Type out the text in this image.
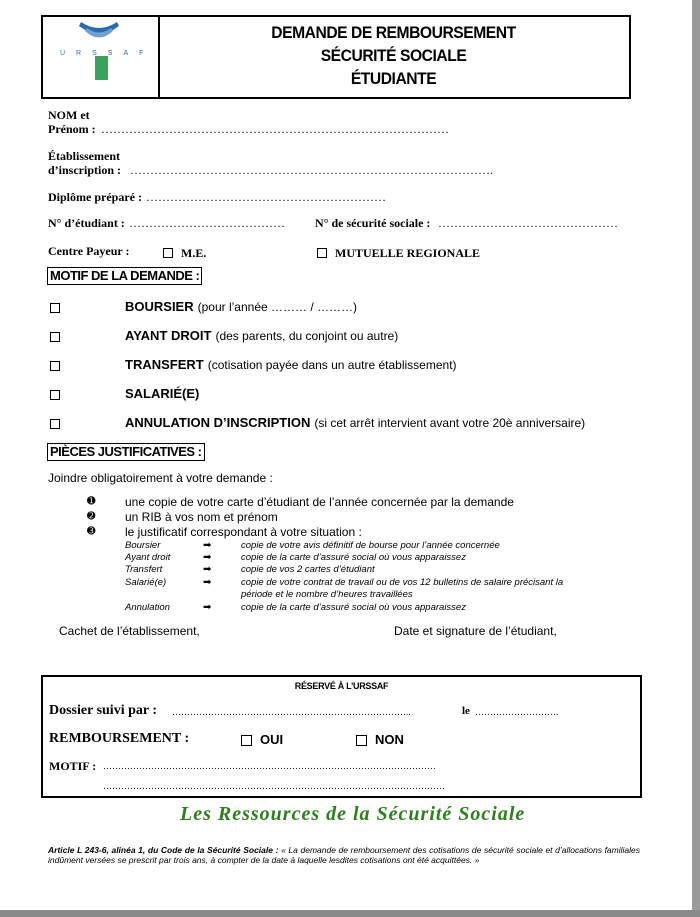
URSSAF
DEMANDE DE REMBOURSEMENT
SÉCURITÉ SOCIALE
ÉTUDIANTE
NOM et
Prénom : ……………………………………………………………………………
Établissement
d’inscription : ……………………………………………………………………………….
Diplôme préparé : ……………………………………………………
N° d’étudiant : …………………………………	N° de sécurité sociale : ………………………………………
Centre Payeur :	M.E.	MUTUELLE REGIONALE
MOTIF DE LA DEMANDE :
BOURSIER (pour l’année ……… / ………)
AYANT DROIT (des parents, du conjoint ou autre)
TRANSFERT (cotisation payée dans un autre établissement)
SALARIÉ(E)
ANNULATION D’INSCRIPTION (si cet arrêt intervient avant votre 20è anniversaire)
PIÈCES JUSTIFICATIVES :
Joindre obligatoirement à votre demande :
➊ une copie de votre carte d’étudiant de l’année concernée par la demande
➋ un RIB à vos nom et prénom
➌ le justificatif correspondant à votre situation :
Boursier	➡	copie de votre avis définitif de bourse pour l’année concernée
Ayant droit	➡	copie de la carte d’assuré social où vous apparaissez
Transfert	➡	copie de vos 2 cartes d’étudiant
Salarié(e)	➡	copie de votre contrat de travail ou de vos 12 bulletins de salaire précisant la
période et le nombre d’heures travaillées
Annulation	➡	copie de la carte d’assuré social où vous apparaissez
Cachet de l’établissement,	Date et signature de l’étudiant,
RÉSERVÉ À L’URSSAF
Dossier suivi par : ……………………………………………………………………..	le ……………………….
REMBOURSEMENT :	OUI	NON
MOTIF : …………………………………………………………………………………………………
……………………………………………………………………………………………………
Les Ressources de la Sécurité Sociale
Article L 243-6, alinéa 1, du Code de la Sécurité Sociale : « La demande de remboursement des cotisations de sécurité sociale et d’allocations familiales indûment versées se prescrit par trois ans, à compter de la date à laquelle lesdites cotisations ont été acquittées. »
